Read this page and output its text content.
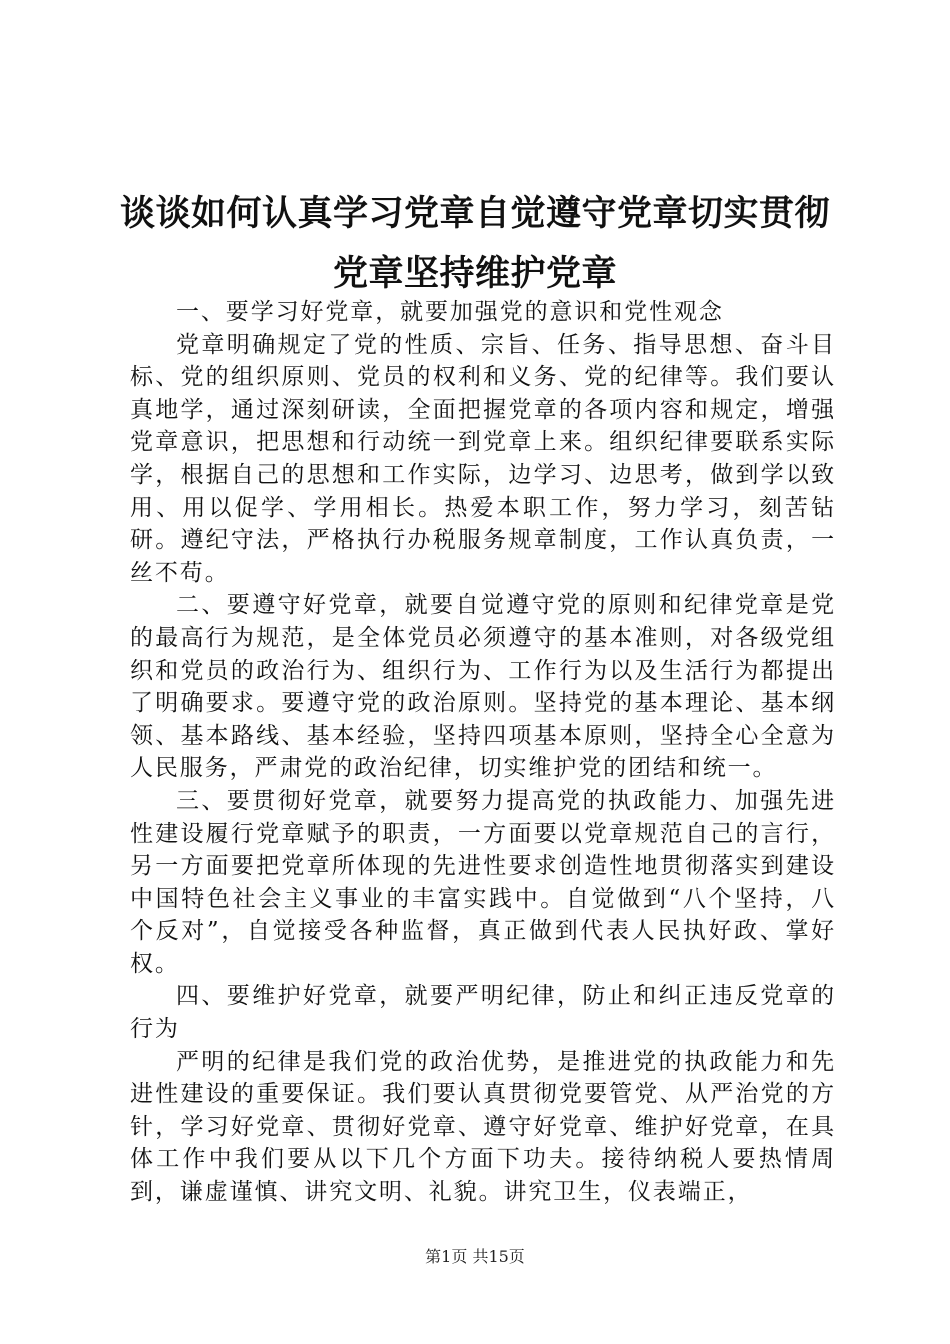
谈谈如何认真学习党章自觉遵守党章切实贯彻
党章坚持维护党章

一、要学习好党章，就要加强党的意识和党性观念

党章明确规定了党的性质、宗旨、任务、指导思想、奋斗目标、党的组织原则、党员的权利和义务、党的纪律等。我们要认真地学，通过深刻研读，全面把握党章的各项内容和规定，增强党章意识，把思想和行动统一到党章上来。组织纪律要联系实际学，根据自己的思想和工作实际，边学习、边思考，做到学以致用、用以促学、学用相长。热爱本职工作，努力学习，刻苦钻研。遵纪守法，严格执行办税服务规章制度，工作认真负责，一丝不苟。

二、要遵守好党章，就要自觉遵守党的原则和纪律党章是党的最高行为规范，是全体党员必须遵守的基本准则，对各级党组织和党员的政治行为、组织行为、工作行为以及生活行为都提出了明确要求。要遵守党的政治原则。坚持党的基本理论、基本纲领、基本路线、基本经验，坚持四项基本原则，坚持全心全意为人民服务，严肃党的政治纪律，切实维护党的团结和统一。

三、要贯彻好党章，就要努力提高党的执政能力、加强先进性建设履行党章赋予的职责，一方面要以党章规范自己的言行，另一方面要把党章所体现的先进性要求创造性地贯彻落实到建设中国特色社会主义事业的丰富实践中。自觉做到“八个坚持，八个反对”，自觉接受各种监督，真正做到代表人民执好政、掌好权。

四、要维护好党章，就要严明纪律，防止和纠正违反党章的行为

严明的纪律是我们党的政治优势，是推进党的执政能力和先进性建设的重要保证。我们要认真贯彻党要管党、从严治党的方针，学习好党章、贯彻好党章、遵守好党章、维护好党章，在具体工作中我们要从以下几个方面下功夫。接待纳税人要热情周到，谦虚谨慎、讲究文明、礼貌。讲究卫生，仪表端正，

第1页 共15页
